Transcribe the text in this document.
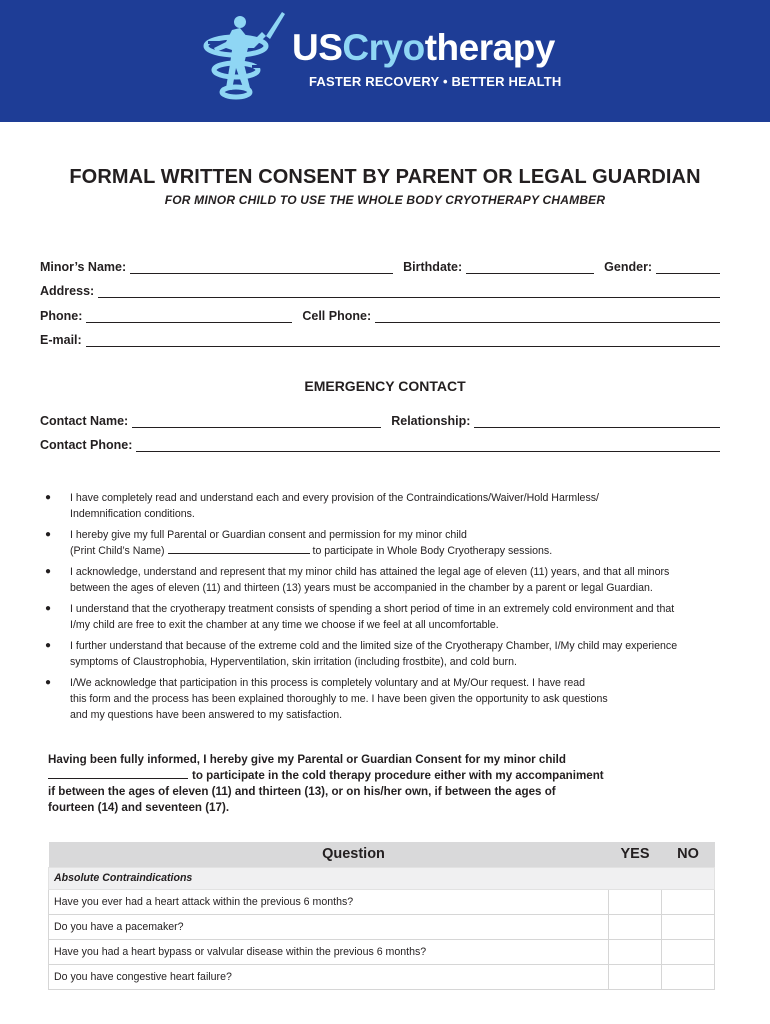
USCryotherapy
FASTER RECOVERY • BETTER HEALTH
FORMAL WRITTEN CONSENT BY PARENT OR LEGAL GUARDIAN
FOR MINOR CHILD TO USE THE WHOLE BODY CRYOTHERAPY CHAMBER
Minor’s Name:	Birthdate:	Gender:
Address:
Phone:	Cell Phone:
E-mail:
EMERGENCY CONTACT
Contact Name:	Relationship:
Contact Phone:
●	I have completely read and understand each and every provision of the Contraindications/Waiver/Hold Harmless/
Indemnification conditions.
●	I hereby give my full Parental or Guardian consent and permission for my minor child
(Print Child’s Name)	to participate in Whole Body Cryotherapy sessions.
●	I acknowledge, understand and represent that my minor child has attained the legal age of eleven (11) years, and that all minors
between the ages of eleven (11) and thirteen (13) years must be accompanied in the chamber by a parent or legal Guardian.
●	I understand that the cryotherapy treatment consists of spending a short period of time in an extremely cold environment and that
I/my child are free to exit the chamber at any time we choose if we feel at all uncomfortable.
●	I further understand that because of the extreme cold and the limited size of the Cryotherapy Chamber, I/My child may experience
symptoms of Claustrophobia, Hyperventilation, skin irritation (including frostbite), and cold burn.
●	I/We acknowledge that participation in this process is completely voluntary and at My/Our request. I have read
this form and the process has been explained thoroughly to me. I have been given the opportunity to ask questions
and my questions have been answered to my satisfaction.
Having been fully informed, I hereby give my Parental or Guardian Consent for my minor child
to participate in the cold therapy procedure either with my accompaniment
if between the ages of eleven (11) and thirteen (13), or on his/her own, if between the ages of
fourteen (14) and seventeen (17).
Question	YES	NO
Absolute Contraindications		
Have you ever had a heart attack within the previous 6 months?		
Do you have a pacemaker?		
Have you had a heart bypass or valvular disease within the previous 6 months?		
Do you have congestive heart failure?		
